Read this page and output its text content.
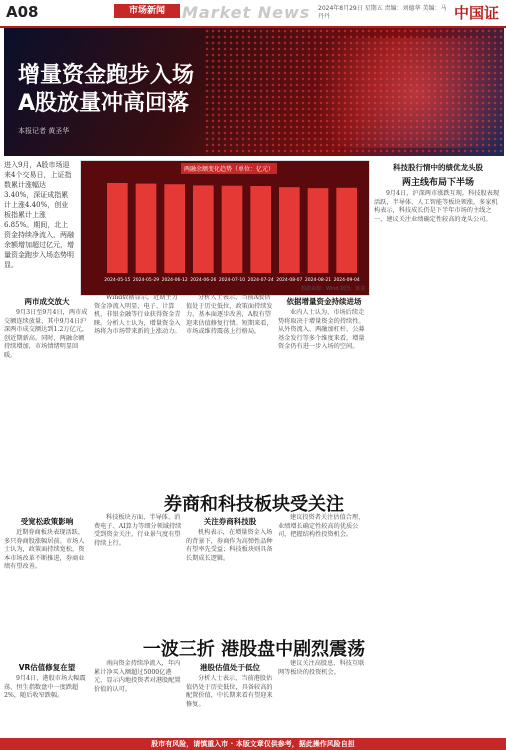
A08	市场新闻	Market News 2024年8月29日 星期五 责编：刘德华 美编：马丹丹	中国证
增量资金跑步入场
A股放量冲高回落
本报记者 黄圣华

进入9月，A股市场迎来4个交易日，上证指数累计涨幅达3.40%，深证成指累计上涨4.40%，创业板指累计上涨6.85%。期间，北上资金持续净流入，两融余额增加超过亿元，增量资金跑步入场态势明显。

2024-05-15 2024-05-29 2024-06-12 2024-06-26 2024-07-10 2024-07-24 2024-08-07 2024-08-21 2024-09-04
两融余额变化趋势（单位：亿元）
数据来源：Wind 制图：梁倩
科技股行情中的绩优龙头股
两主线布局下半场

9月4日，沪深两市涨跌互现。科技股表现活跃，半导体、人工智能等板块领涨。多家机构表示，科技成长仍是下半年市场的主线之一，建议关注业绩确定性较高的龙头公司。

两市成交放大

9月3日至9月4日，两市成交额连续放量，其中9月4日沪深两市成交额达到1.2万亿元，创近期新高。同时，两融余额持续增加，市场情绪明显回暖。

Wind数据显示，近期主力资金净流入明显，电子、计算机、非银金融等行业获得资金青睐。分析人士认为，增量资金入场将为市场带来新的上涨动力。

分析人士表示，当前A股估值处于历史低位，政策面持续发力，基本面逐步改善，A股有望迎来估值修复行情。短期来看，市场或维持震荡上行格局。

依据增量资金持续进场

业内人士认为，市场后续走势将取决于增量资金的持续性。从外资流入、两融加杠杆、公募基金发行等多个维度来看，增量资金仍有进一步入场的空间。

券商和科技板块受关注
受宽松政策影响

近期券商板块表现活跃，多只券商股涨幅居前。市场人士认为，政策面持续宽松，资本市场改革不断推进，券商业绩有望改善。

科技板块方面，半导体、消费电子、AI算力等细分领域持续受到资金关注，行业景气度有望持续上行。

关注券商科技股

机构表示，在增量资金入场的背景下，券商作为高弹性品种有望率先受益；科技板块则具备长期成长逻辑。

建议投资者关注估值合理、业绩增长确定性较高的优质公司，把握结构性投资机会。

一波三折 港股盘中剧烈震荡
VR估值修复在望

9月4日，港股市场大幅震荡，恒生指数盘中一度跌超2%，随后收窄跌幅。

南向资金持续净流入，年内累计净买入额超过5000亿港元，显示内地投资者对港股配置价值的认可。

港股估值处于低位

分析人士表示，当前港股估值仍处于历史低位，具备较高的配置价值，中长期来看有望迎来修复。

建议关注高股息、科技互联网等板块的投资机会。

股市有风险，请慎重入市 · 本版文章仅供参考，据此操作风险自担
